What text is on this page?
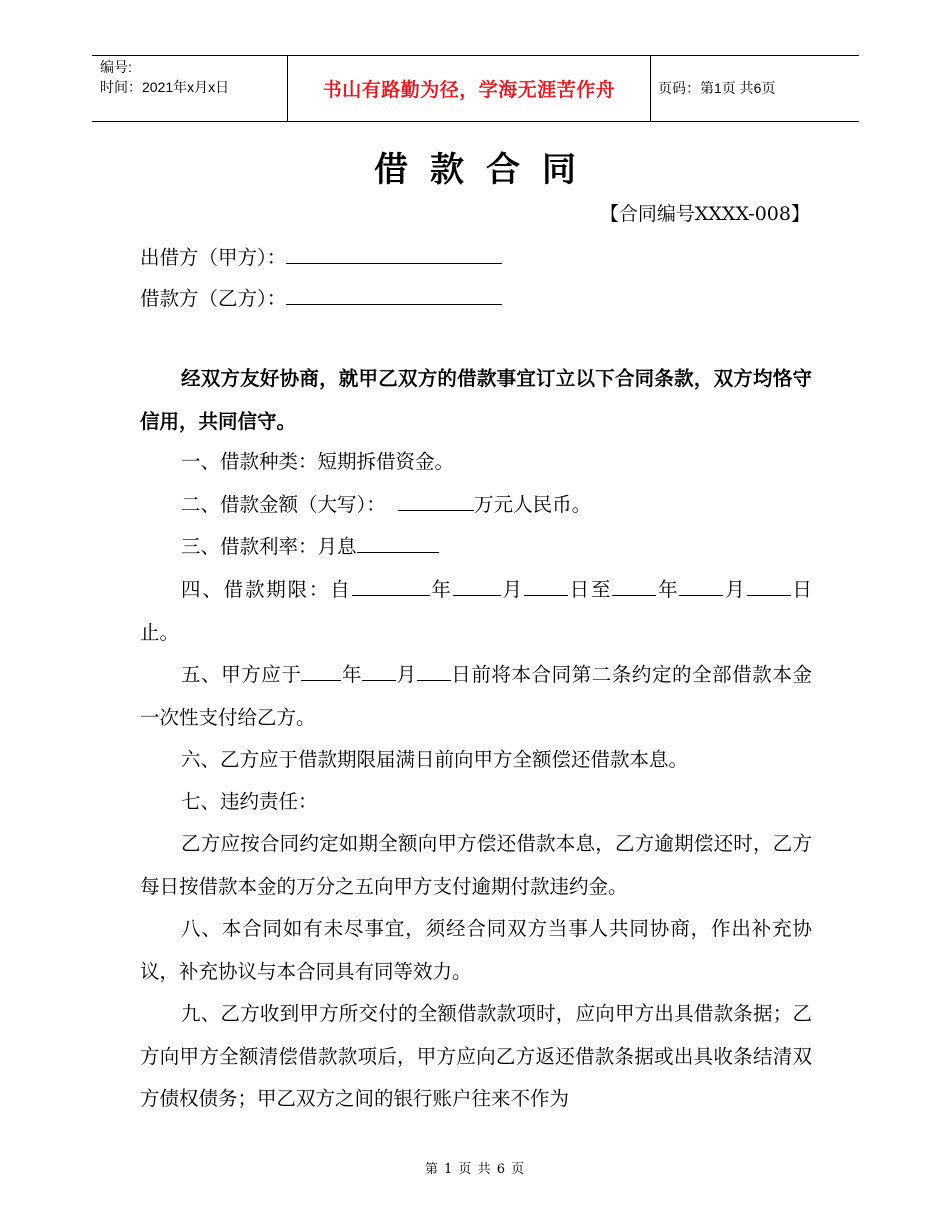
编号:
时间：2021年x月x日	书山有路勤为径，学海无涯苦作舟	页码：第1页 共6页
借款合同
【合同编号XXXX-008】
出借方（甲方）：
借款方（乙方）：
经双方友好协商，就甲乙双方的借款事宜订立以下合同条款，双方均恪守信用，共同信守。
一、借款种类：短期拆借资金。
二、借款金额（大写）：	万元人民币。
三、借款利率：月息
四、借款期限：自	年 月 日至 年 月 日止。
五、甲方应于 年 月 日前将本合同第二条约定的全部借款本金一次性支付给乙方。
六、乙方应于借款期限届满日前向甲方全额偿还借款本息。
七、违约责任：
乙方应按合同约定如期全额向甲方偿还借款本息，乙方逾期偿还时，乙方每日按借款本金的万分之五向甲方支付逾期付款违约金。
八、本合同如有未尽事宜，须经合同双方当事人共同协商，作出补充协议，补充协议与本合同具有同等效力。
九、乙方收到甲方所交付的全额借款款项时，应向甲方出具借款条据；乙方向甲方全额清偿借款款项后，甲方应向乙方返还借款条据或出具收条结清双方债权债务；甲乙双方之间的银行账户往来不作为
第 1 页 共 6 页
